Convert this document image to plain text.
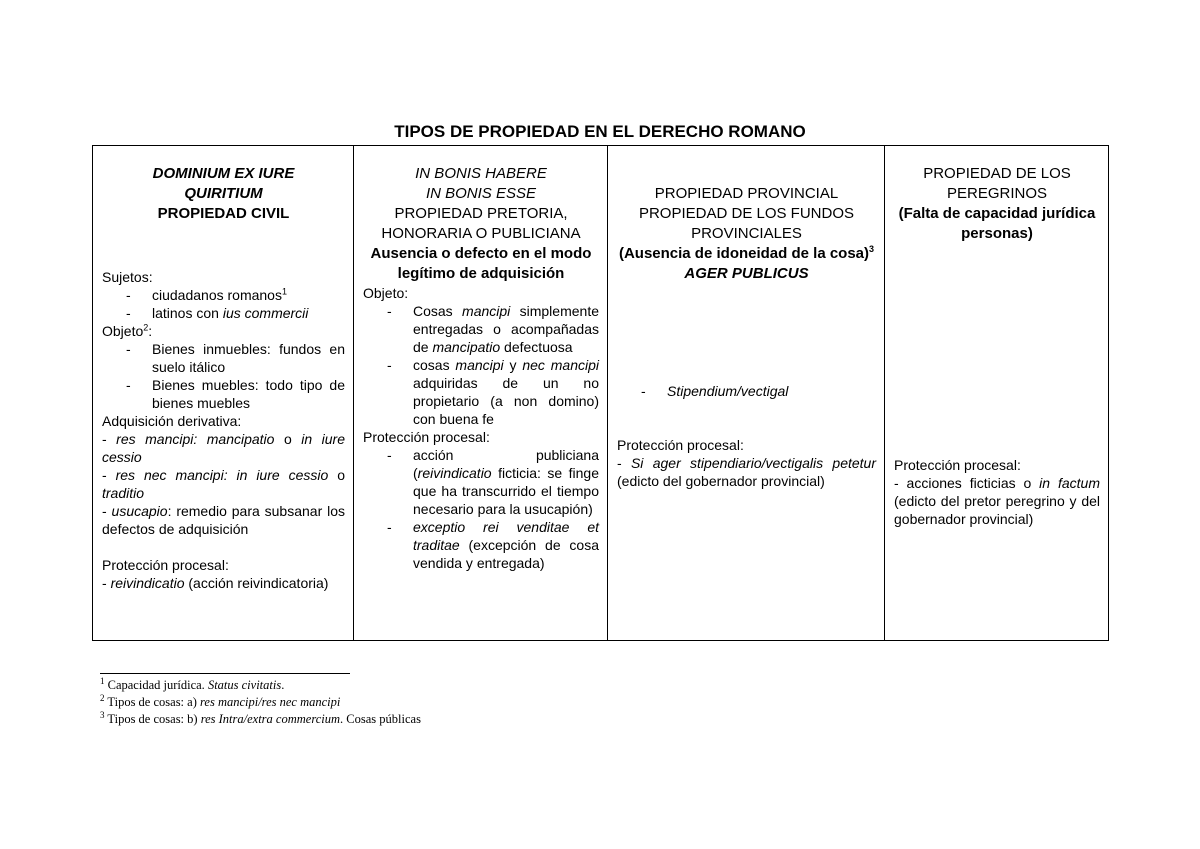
TIPOS DE PROPIEDAD EN EL DERECHO ROMANO
DOMINIUM EX IURE
QUIRITIUM
PROPIEDAD CIVIL
Sujetos:
- ciudadanos romanos$^1$
- latinos con ius commercii
Objeto$^2$:
- Bienes inmuebles: fundos en suelo itálico
- Bienes muebles: todo tipo de bienes muebles
Adquisición derivativa:
- res mancipi: mancipatio o in iure cessio
- res nec mancipi: in iure cessio o traditio
- usucapio: remedio para subsanar los defectos de adquisición
Protección procesal:
- reivindicatio (acción reivindicatoria)

IN BONIS HABERE
IN BONIS ESSE
PROPIEDAD PRETORIA,
HONORARIA O PUBLICIANA
Ausencia o defecto en el modo legítimo de adquisición
Objeto:
- Cosas mancipi simplemente entregadas o acompañadas de mancipatio defectuosa
- cosas mancipi y nec mancipi adquiridas de un no propietario (a non domino) con buena fe
Protección procesal:
- acción publiciana (reivindicatio ficticia: se finge que ha transcurrido el tiempo necesario para la usucapión)
- exceptio rei venditae et traditae (excepción de cosa vendida y entregada)

PROPIEDAD PROVINCIAL
PROPIEDAD DE LOS FUNDOS PROVINCIALES
(Ausencia de idoneidad de la cosa)$^3$
AGER PUBLICUS
- Stipendium/vectigal
Protección procesal:
- Si ager stipendiario/vectigalis petetur (edicto del gobernador provincial)

PROPIEDAD DE LOS PEREGRINOS
(Falta de capacidad jurídica personas)
Protección procesal:
- acciones ficticias o in factum (edicto del pretor peregrino y del gobernador provincial)
$^1$ Capacidad jurídica. Status civitatis.
$^2$ Tipos de cosas: a) res mancipi/res nec mancipi
$^3$ Tipos de cosas: b) res Intra/extra commercium. Cosas públicas
